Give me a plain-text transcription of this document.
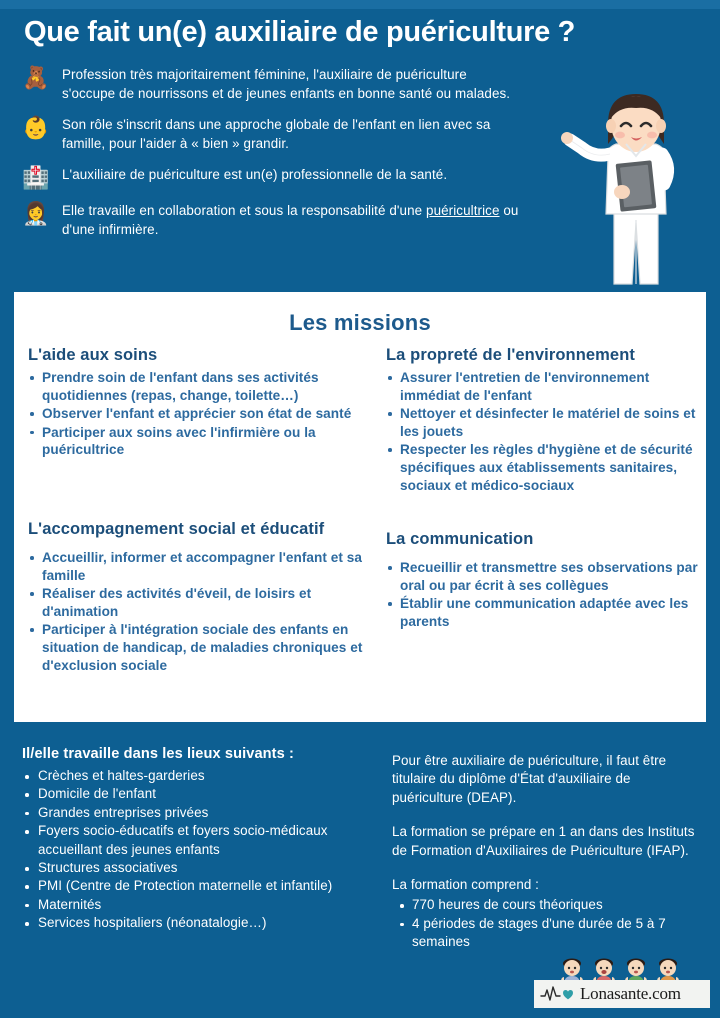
Que fait un(e) auxiliaire de puériculture ?
🧸 Profession très majoritairement féminine, l'auxiliaire de puériculture s'occupe de nourrissons et de jeunes enfants en bonne santé ou malades.
👶 Son rôle s'inscrit dans une approche globale de l'enfant en lien avec sa famille, pour l'aider à « bien » grandir.
🏥 L'auxiliaire de puériculture est un(e) professionnelle de la santé.
👩‍⚕️ Elle travaille en collaboration et sous la responsabilité d'une puéricultrice ou d'une infirmière.
Les missions
L'aide aux soins
Prendre soin de l'enfant dans ses activités quotidiennes (repas, change, toilette…)
Observer l'enfant et apprécier son état de santé
Participer aux soins avec l'infirmière ou la puéricultrice
La propreté de l'environnement
Assurer l'entretien de l'environnement immédiat de l'enfant
Nettoyer et désinfecter le matériel de soins et les jouets
Respecter les règles d'hygiène et de sécurité spécifiques aux établissements sanitaires, sociaux et médico-sociaux
L'accompagnement social et éducatif
Accueillir, informer et accompagner l'enfant et sa famille
Réaliser des activités d'éveil, de loisirs et d'animation
Participer à l'intégration sociale des enfants en situation de handicap, de maladies chroniques et d'exclusion sociale
La communication
Recueillir et transmettre ses observations par oral ou par écrit à ses collègues
Établir une communication adaptée avec les parents
Il/elle travaille dans les lieux suivants :
Crèches et haltes-garderies
Domicile de l'enfant
Grandes entreprises privées
Foyers socio-éducatifs et foyers socio-médicaux accueillant des jeunes enfants
Structures associatives
PMI (Centre de Protection maternelle et infantile)
Maternités
Services hospitaliers (néonatalogie…)

Pour être auxiliaire de puériculture, il faut être titulaire du diplôme d'État d'auxiliaire de puériculture (DEAP).

La formation se prépare en 1 an dans des Instituts de Formation d'Auxiliaires de Puériculture (IFAP).

La formation comprend :

770 heures de cours théoriques
4 périodes de stages d'une durée de 5 à 7 semaines
Lonasante.com
